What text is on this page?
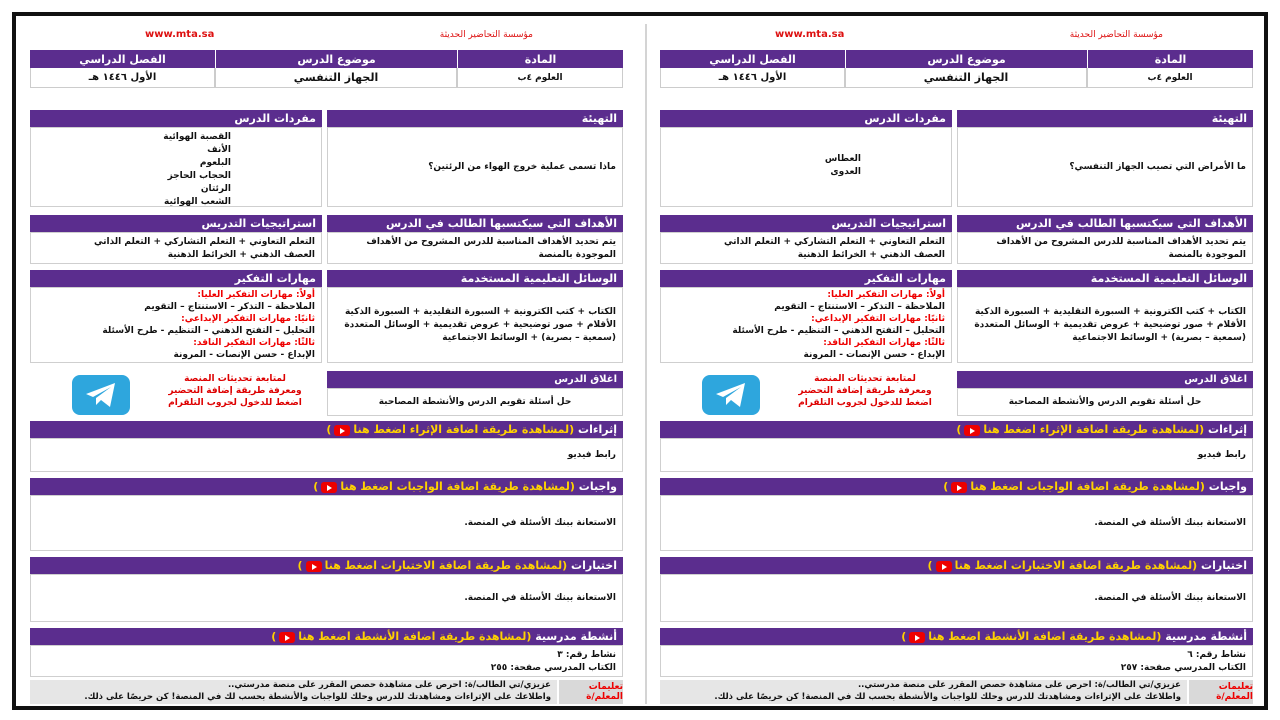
مؤسسة التحاضير الحديثة
www.mta.sa
المادة
موضوع الدرس
الفصل الدراسي
العلوم ٤ب
الجهاز التنفسي
الأول ١٤٤٦ هـ
التهيئة
ما الأمراض التي تصيب الجهاز التنفسي؟
مفردات الدرس
العطاس
العدوى
الأهداف التي سيكتسبها الطالب في الدرس
يتم تحديد الأهداف المناسبة للدرس المشروح من الأهداف الموجودة بالمنصة
استراتيجيات التدريس
التعلم التعاوني + التعلم التشاركي + التعلم الذاتي
العصف الذهني + الخرائط الذهنية
الوسائل التعليمية المستخدمة
الكتاب + كتب الكترونية + السبورة التقليدية + السبورة الذكية الأقلام + صور توضيحية + عروض تقديمية + الوسائل المتعددة (سمعية – بصرية) + الوسائط الاجتماعية
مهارات التفكير
أولاً: مهارات التفكير العليا:
الملاحظة – التذكر – الاستنتاج – التقويم
ثانيًا: مهارات التفكير الإبداعي:
التحليل – التفتح الذهني – التنظيم - طرح الأسئلة
ثالثًا: مهارات التفكير الناقد:
الإبداع - حسن الإنصات - المرونة
اغلاق الدرس
حل أسئلة تقويم الدرس والأنشطة المصاحبة
لمتابعة تحديثات المنصة
ومعرفة طريقة إضافة التحضير
اضغط للدخول لجروب التلقرام
إثراءات (لمشاهدة طريقة اضافة الإثراء اضغط هنا)
رابط فيديو
واجبات (لمشاهدة طريقة اضافة الواجبات اضغط هنا)
الاستعانة ببنك الأسئلة في المنصة.
اختبارات (لمشاهدة طريقة اضافة الاختبارات اضغط هنا)
الاستعانة ببنك الأسئلة في المنصة.
أنشطة مدرسية (لمشاهدة طريقة اضافة الأنشطة اضغط هنا)
نشاط رقم: ٦
الكتاب المدرسي صفحة: ٢٥٧
تعليمات المعلم/ة
عزيزي/تي الطالب/ة: احرص على مشاهدة حصص المقرر على منصة مدرستي..
واطلاعك على الإثراءات ومشاهدتك للدرس وحلك للواجبات والأنشطة بحسب لك في المنصة! كن حريصًا على ذلك.
مؤسسة التحاضير الحديثة
www.mta.sa
المادة
موضوع الدرس
الفصل الدراسي
العلوم ٤ب
الجهاز التنفسي
الأول ١٤٤٦ هـ
التهيئة
ماذا تسمى عملية خروج الهواء من الرئتين؟
مفردات الدرس
القصبة الهوائية
الأنف
البلعوم
الحجاب الحاجز
الرئتان
الشعب الهوائية
الأهداف التي سيكتسبها الطالب في الدرس
يتم تحديد الأهداف المناسبة للدرس المشروح من الأهداف الموجودة بالمنصة
استراتيجيات التدريس
التعلم التعاوني + التعلم التشاركي + التعلم الذاتي
العصف الذهني + الخرائط الذهنية
الوسائل التعليمية المستخدمة
الكتاب + كتب الكترونية + السبورة التقليدية + السبورة الذكية الأقلام + صور توضيحية + عروض تقديمية + الوسائل المتعددة (سمعية – بصرية) + الوسائط الاجتماعية
مهارات التفكير
أولاً: مهارات التفكير العليا:
الملاحظة – التذكر – الاستنتاج – التقويم
ثانيًا: مهارات التفكير الإبداعي:
التحليل – التفتح الذهني – التنظيم - طرح الأسئلة
ثالثًا: مهارات التفكير الناقد:
الإبداع - حسن الإنصات - المرونة
اغلاق الدرس
حل أسئلة تقويم الدرس والأنشطة المصاحبة
لمتابعة تحديثات المنصة
ومعرفة طريقة إضافة التحضير
اضغط للدخول لجروب التلقرام
إثراءات (لمشاهدة طريقة اضافة الإثراء اضغط هنا)
رابط فيديو
واجبات (لمشاهدة طريقة اضافة الواجبات اضغط هنا)
الاستعانة ببنك الأسئلة في المنصة.
اختبارات (لمشاهدة طريقة اضافة الاختبارات اضغط هنا)
الاستعانة ببنك الأسئلة في المنصة.
أنشطة مدرسية (لمشاهدة طريقة اضافة الأنشطة اضغط هنا)
نشاط رقم: ٣
الكتاب المدرسي صفحة: ٢٥٥
تعليمات المعلم/ة
عزيزي/تي الطالب/ة: احرص على مشاهدة حصص المقرر على منصة مدرستي..
واطلاعك على الإثراءات ومشاهدتك للدرس وحلك للواجبات والأنشطة بحسب لك في المنصة! كن حريصًا على ذلك.
